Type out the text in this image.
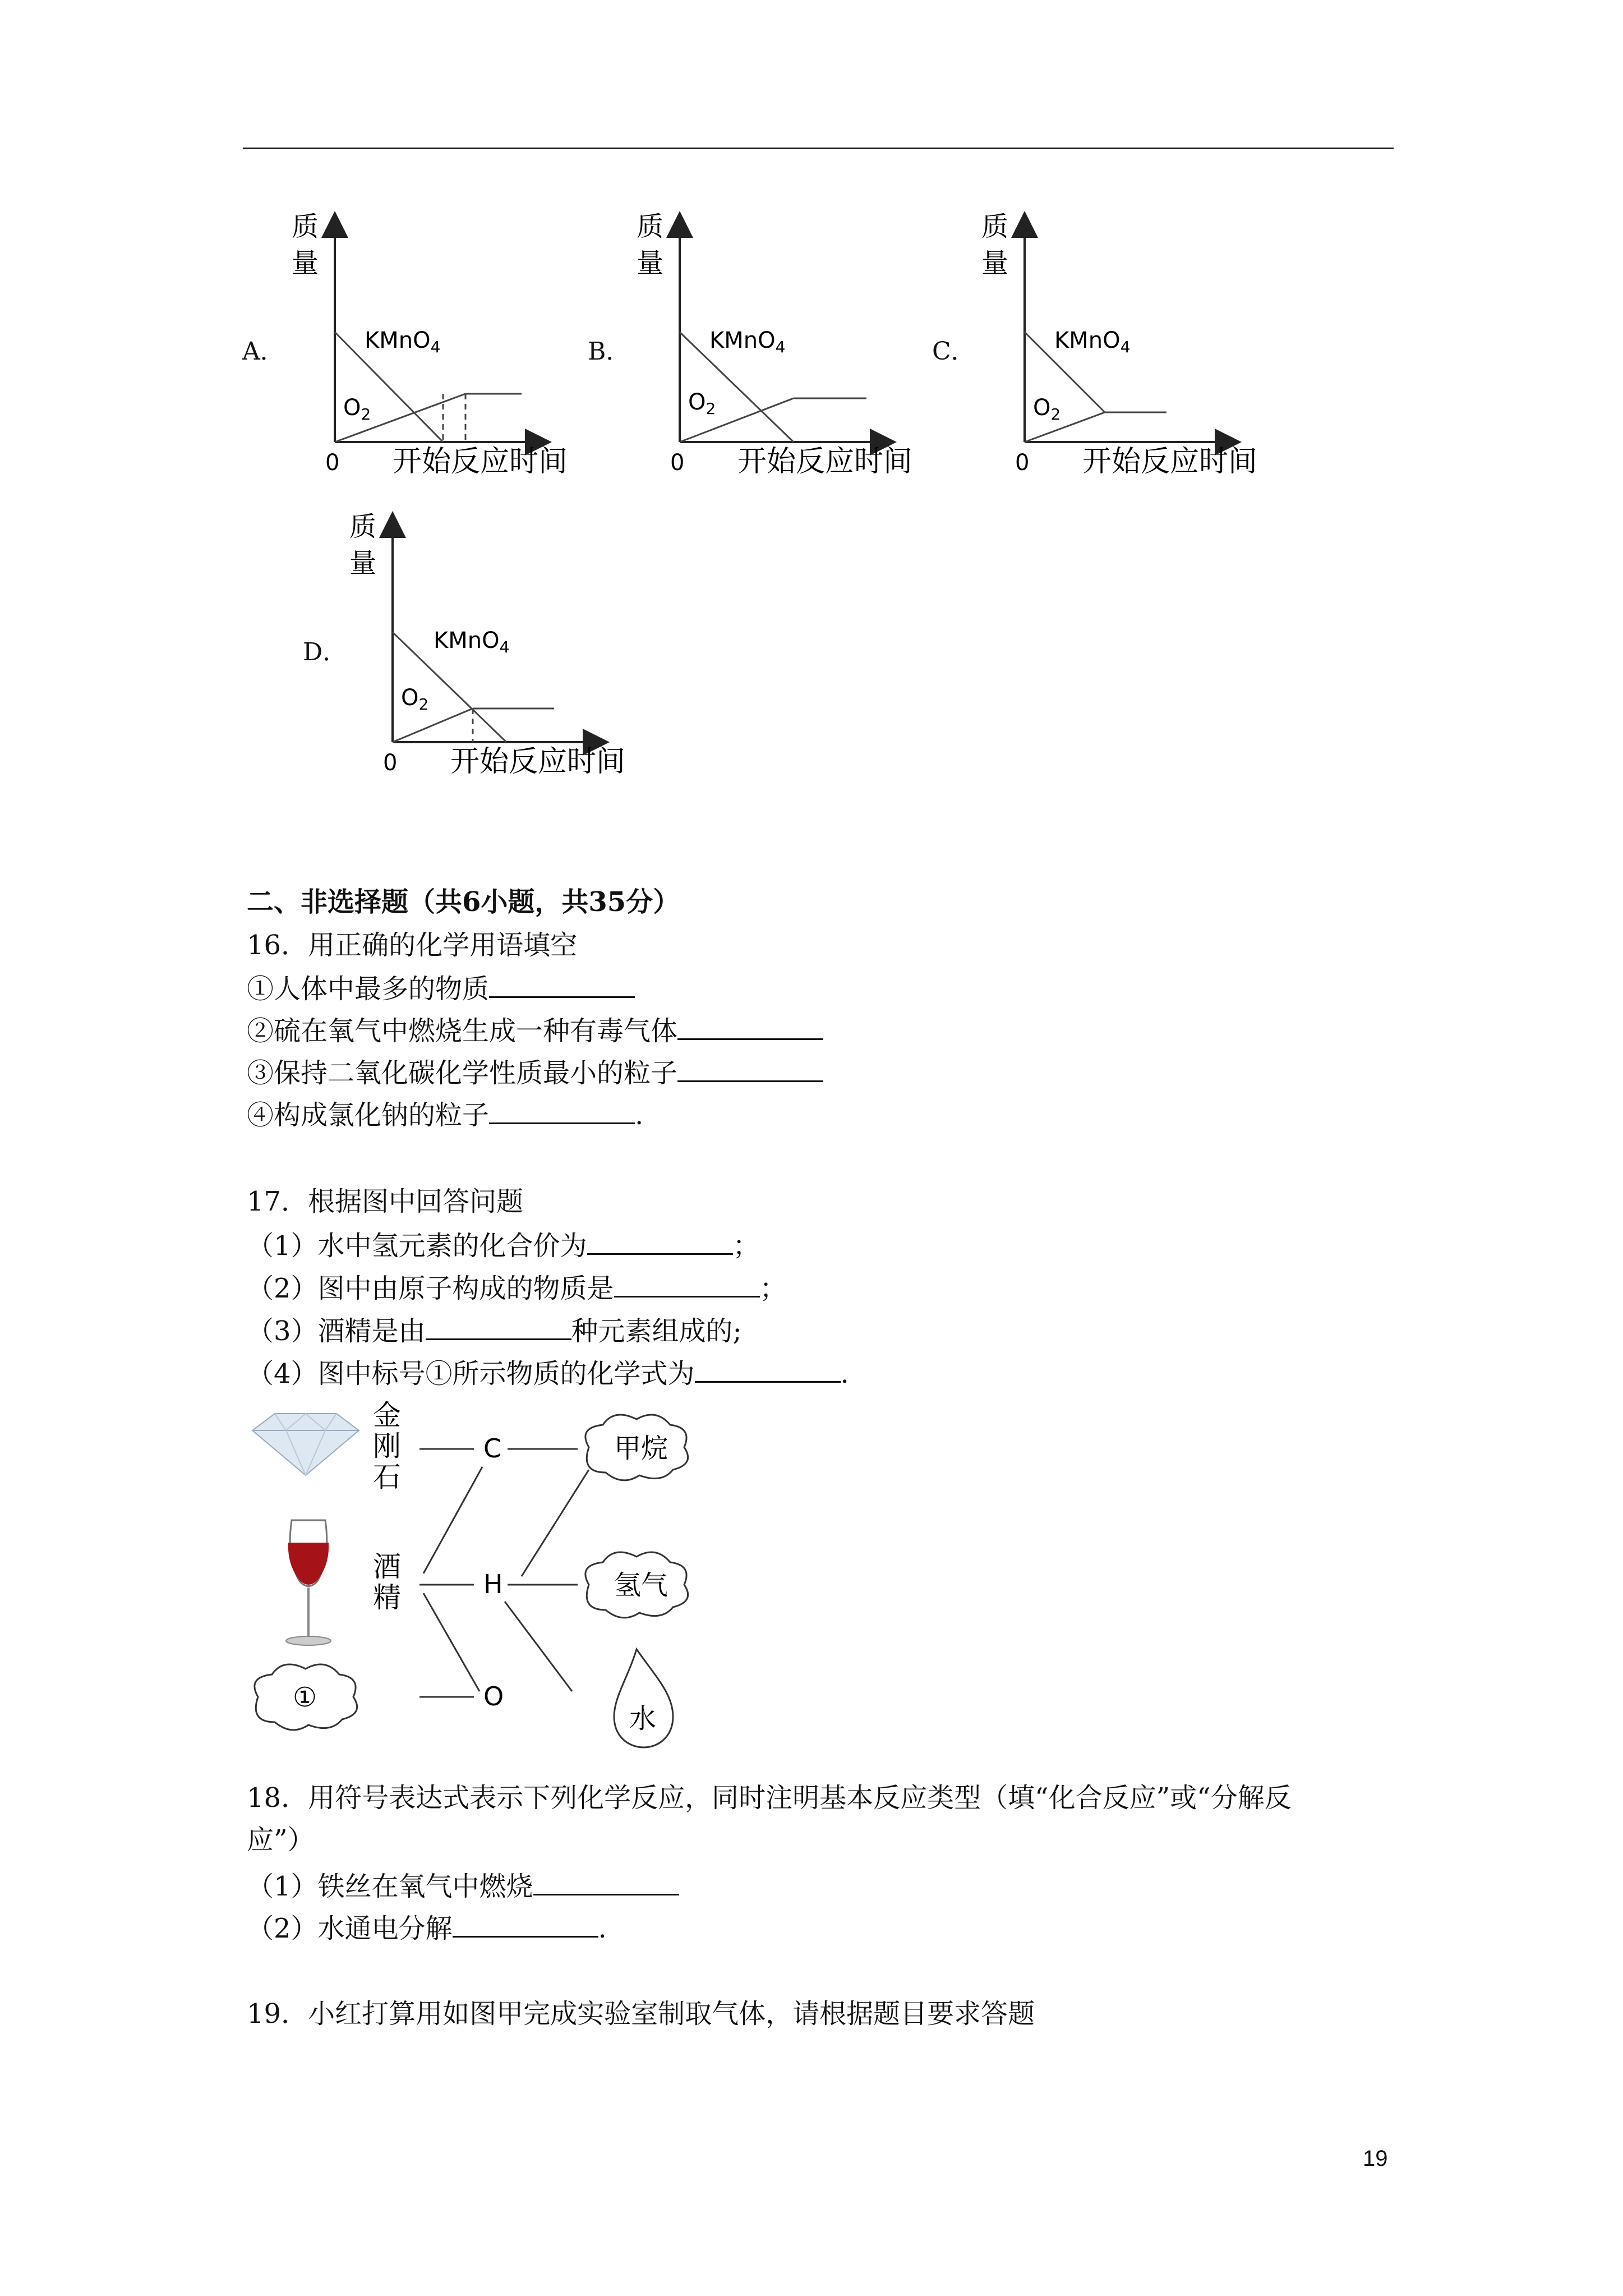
A．	B．	C．
D．
质
量
KMnO$_4$
$O_2$
0 开始反应时间
质
量
KMnO$_4$
$O_2$
0 开始反应时间
质
量
KMnO$_4$
$O_2$
0 开始反应时间
质
量
KMnO$_4$
$O_2$
0 开始反应时间
二、非选择题（共6小题，共35分）
16．用正确的化学用语填空
①人体中最多的物质
②硫在氧气中燃烧生成一种有毒气体
③保持二氧化碳化学性质最小的粒子
④构成氯化钠的粒子	.
17．根据图中回答问题
（1）水中氢元素的化合价为	；
（2）图中由原子构成的物质是	；
（3）酒精是由	种元素组成的;
（4）图中标号①所示物质的化学式为	.
金
刚
石
酒
精
C
H
O
甲烷
氢气
①
水
18．用符号表达式表示下列化学反应，同时注明基本反应类型（填“化合反应”或“分解反
应”）
（1）铁丝在氧气中燃烧
（2）水通电分解	.
19．小红打算用如图甲完成实验室制取气体，请根据题目要求答题
19
